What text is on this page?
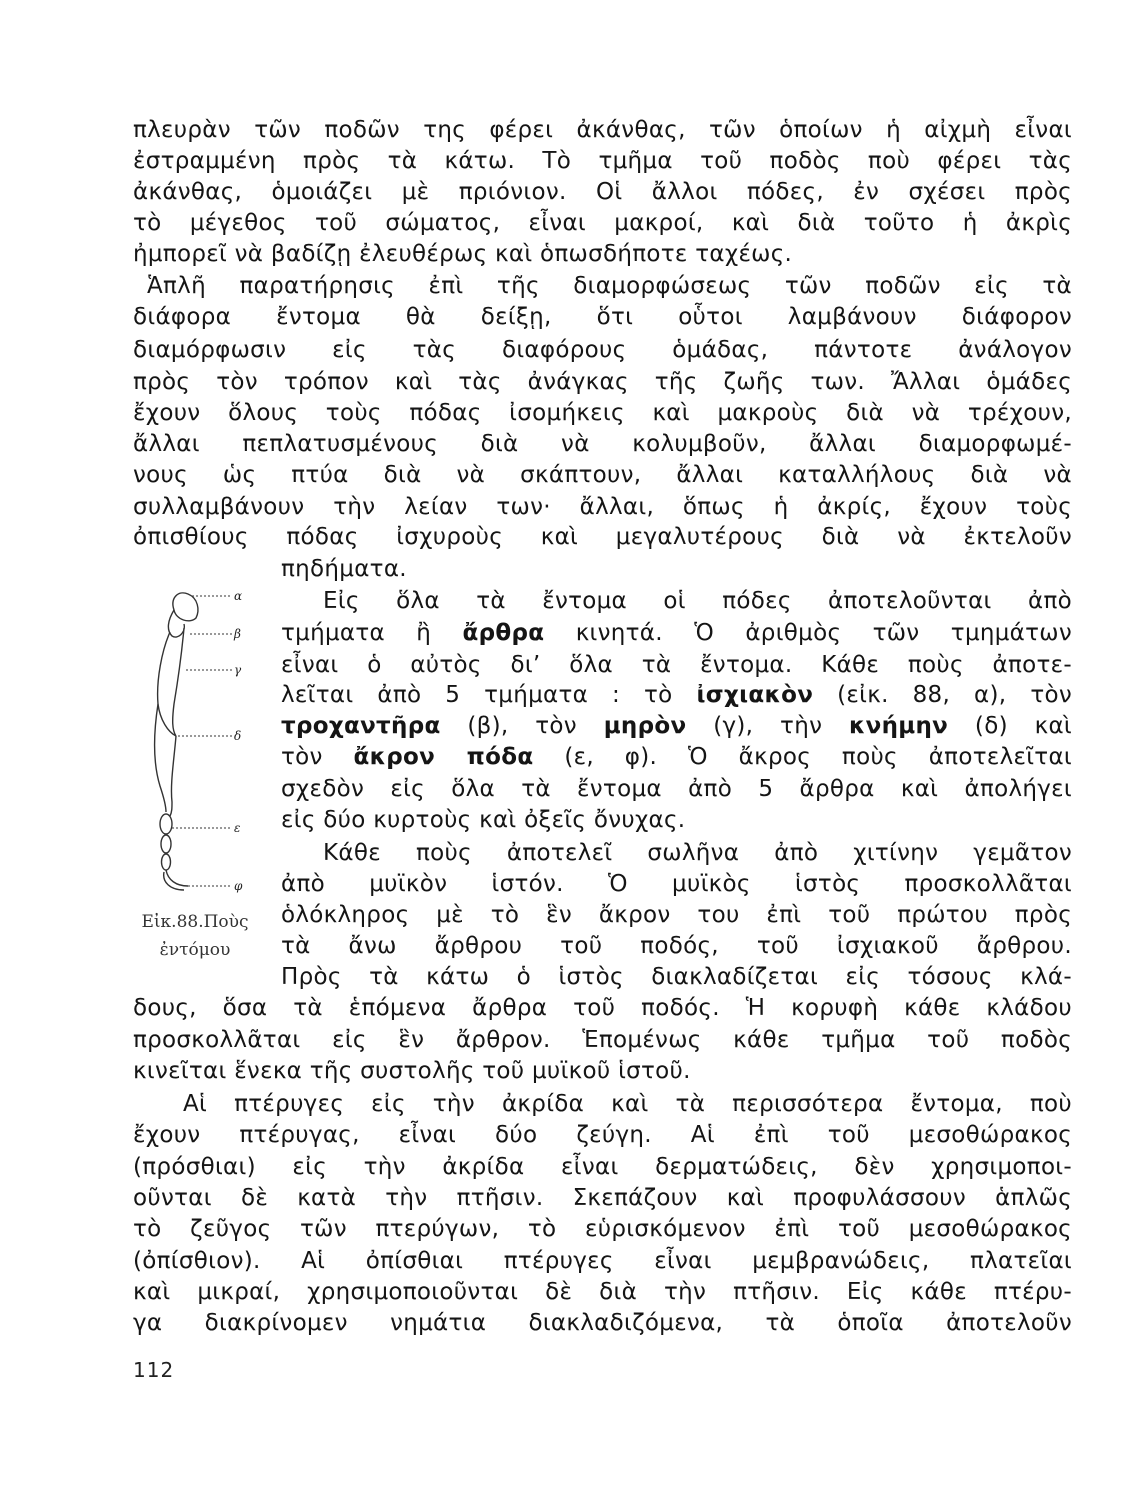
πλευρὰν τῶν ποδῶν της φέρει ἀκάνθας, τῶν ὁποίων ἡ αἰχμὴ εἶναι
ἐστραμμένη πρὸς τὰ κάτω. Τὸ τμῆμα τοῦ ποδὸς ποὺ φέρει τὰς
ἀκάνθας, ὁμοιάζει μὲ πριόνιον. Οἱ ἄλλοι πόδες, ἐν σχέσει πρὸς
τὸ μέγεθος τοῦ σώματος, εἶναι μακροί, καὶ διὰ τοῦτο ἡ ἀκρὶς
ἠμπορεῖ νὰ βαδίζῃ ἐλευθέρως καὶ ὁπωσδήποτε ταχέως.
Ἁπλῆ παρατήρησις ἐπὶ τῆς διαμορφώσεως τῶν ποδῶν εἰς τὰ
διάφορα ἔντομα θὰ δείξῃ, ὅτι οὗτοι λαμβάνουν διάφορον
διαμόρφωσιν εἰς τὰς διαφόρους ὁμάδας, πάντοτε ἀνάλογον
πρὸς τὸν τρόπον καὶ τὰς ἀνάγκας τῆς ζωῆς των. Ἄλλαι ὁμάδες
ἔχουν ὅλους τοὺς πόδας ἰσομήκεις καὶ μακροὺς διὰ νὰ τρέχουν,
ἄλλαι πεπλατυσμένους διὰ νὰ κολυμβοῦν, ἄλλαι διαμορφωμέ-
νους ὡς πτύα διὰ νὰ σκάπτουν, ἄλλαι καταλλήλους διὰ νὰ
συλλαμβάνουν τὴν λείαν των· ἄλλαι, ὅπως ἡ ἀκρίς, ἔχουν τοὺς
ὀπισθίους πόδας ἰσχυροὺς καὶ μεγαλυτέρους διὰ νὰ ἐκτελοῦν
πηδήματα.
α
β
γ
δ
ε
φ
Εἰκ.88.Ποὺς
ἐντόμου
Εἰς ὅλα τὰ ἔντομα οἱ πόδες ἀποτελοῦνται ἀπὸ
τμήματα ἢ ἄρθρα κινητά. Ὁ ἀριθμὸς τῶν τμημάτων
εἶναι ὁ αὐτὸς δι’ ὅλα τὰ ἔντομα. Κάθε ποὺς ἀποτε-
λεῖται ἀπὸ 5 τμήματα : τὸ ἰσχιακὸν (εἰκ. 88, α), τὸν
τροχαντῆρα (β), τὸν μηρὸν (γ), τὴν κνήμην (δ) καὶ
τὸν ἄκρον πόδα (ε, φ). Ὁ ἄκρος ποὺς ἀποτελεῖται
σχεδὸν εἰς ὅλα τὰ ἔντομα ἀπὸ 5 ἄρθρα καὶ ἀπολήγει
εἰς δύο κυρτοὺς καὶ ὀξεῖς ὄνυχας.
Κάθε ποὺς ἀποτελεῖ σωλῆνα ἀπὸ χιτίνην γεμᾶτον
ἀπὸ μυϊκὸν ἱστόν. Ὁ μυϊκὸς ἱστὸς προσκολλᾶται
ὁλόκληρος μὲ τὸ ἓν ἄκρον του ἐπὶ τοῦ πρώτου πρὸς
τὰ ἄνω ἄρθρου τοῦ ποδός, τοῦ ἰσχιακοῦ ἄρθρου.
Πρὸς τὰ κάτω ὁ ἱστὸς διακλαδίζεται εἰς τόσους κλά-
δους, ὅσα τὰ ἑπόμενα ἄρθρα τοῦ ποδός. Ἡ κορυφὴ κάθε κλάδου
προσκολλᾶται εἰς ἓν ἄρθρον. Ἑπομένως κάθε τμῆμα τοῦ ποδὸς
κινεῖται ἕνεκα τῆς συστολῆς τοῦ μυϊκοῦ ἱστοῦ.
Αἱ πτέρυγες εἰς τὴν ἀκρίδα καὶ τὰ περισσότερα ἔντομα, ποὺ
ἔχουν πτέρυγας, εἶναι δύο ζεύγη. Αἱ ἐπὶ τοῦ μεσοθώρακος
(πρόσθιαι) εἰς τὴν ἀκρίδα εἶναι δερματώδεις, δὲν χρησιμοποι-
οῦνται δὲ κατὰ τὴν πτῆσιν. Σκεπάζουν καὶ προφυλάσσουν ἁπλῶς
τὸ ζεῦγος τῶν πτερύγων, τὸ εὑρισκόμενον ἐπὶ τοῦ μεσοθώρακος
(ὀπίσθιον). Αἱ ὀπίσθιαι πτέρυγες εἶναι μεμβρανώδεις, πλατεῖαι
καὶ μικραί, χρησιμοποιοῦνται δὲ διὰ τὴν πτῆσιν. Εἰς κάθε πτέρυ-
γα διακρίνομεν νημάτια διακλαδιζόμενα, τὰ ὁποῖα ἀποτελοῦν
112
